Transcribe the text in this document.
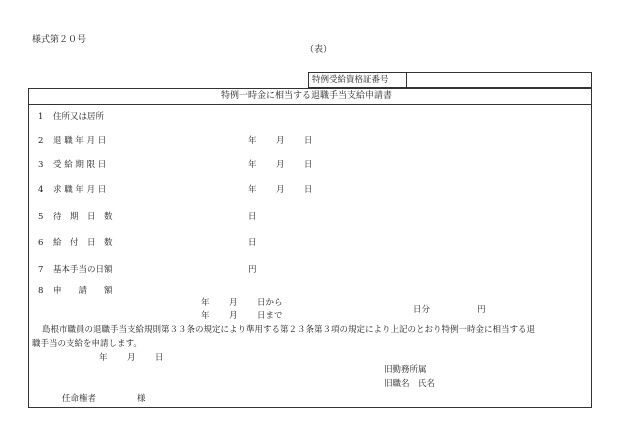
様式第２０号
（表）
特例受給資格証番号
特例一時金に相当する退職手当支給申請書
1 住所又は居所
2 退 職 年 月 日	年 月 日
3 受 給 期 限 日	年 月 日
4 求 職 年 月 日	年 月 日
5 待　期　日　数	日
6 給　付　日　数	日
7 基本手当の日額	円
8 申　　請　　額
年 月 日から
年 月 日まで
日分	円
島根市職員の退職手当支給規則第３３条の規定により準用する第２３条第３項の規定により上記のとおり特例一時金に相当する退
職手当の支給を申請します。
年 月 日
旧勤務所属
旧職名　氏名
任命権者	様
